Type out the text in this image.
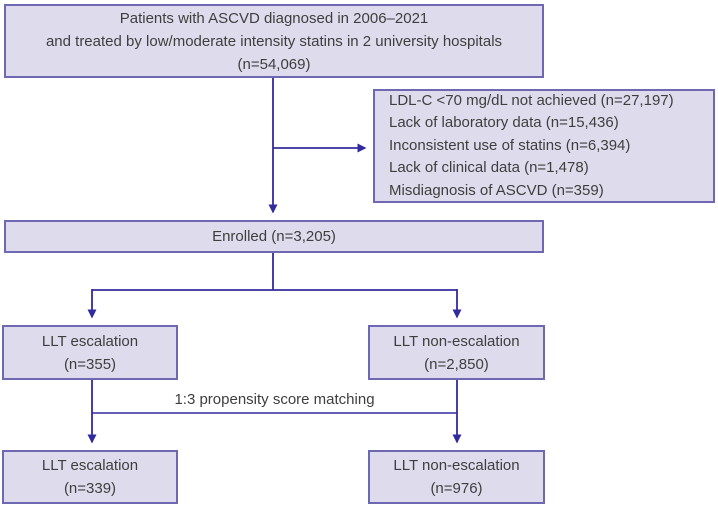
Patients with ASCVD diagnosed in 2006–2021
and treated by low/moderate intensity statins in 2 university hospitals
(n=54,069)
LDL-C <70 mg/dL not achieved (n=27,197)
Lack of laboratory data (n=15,436)
Inconsistent use of statins (n=6,394)
Lack of clinical data (n=1,478)
Misdiagnosis of ASCVD (n=359)
Enrolled (n=3,205)
LLT escalation
(n=355)
LLT non-escalation
(n=2,850)
1:3 propensity score matching
LLT escalation
(n=339)
LLT non-escalation
(n=976)
